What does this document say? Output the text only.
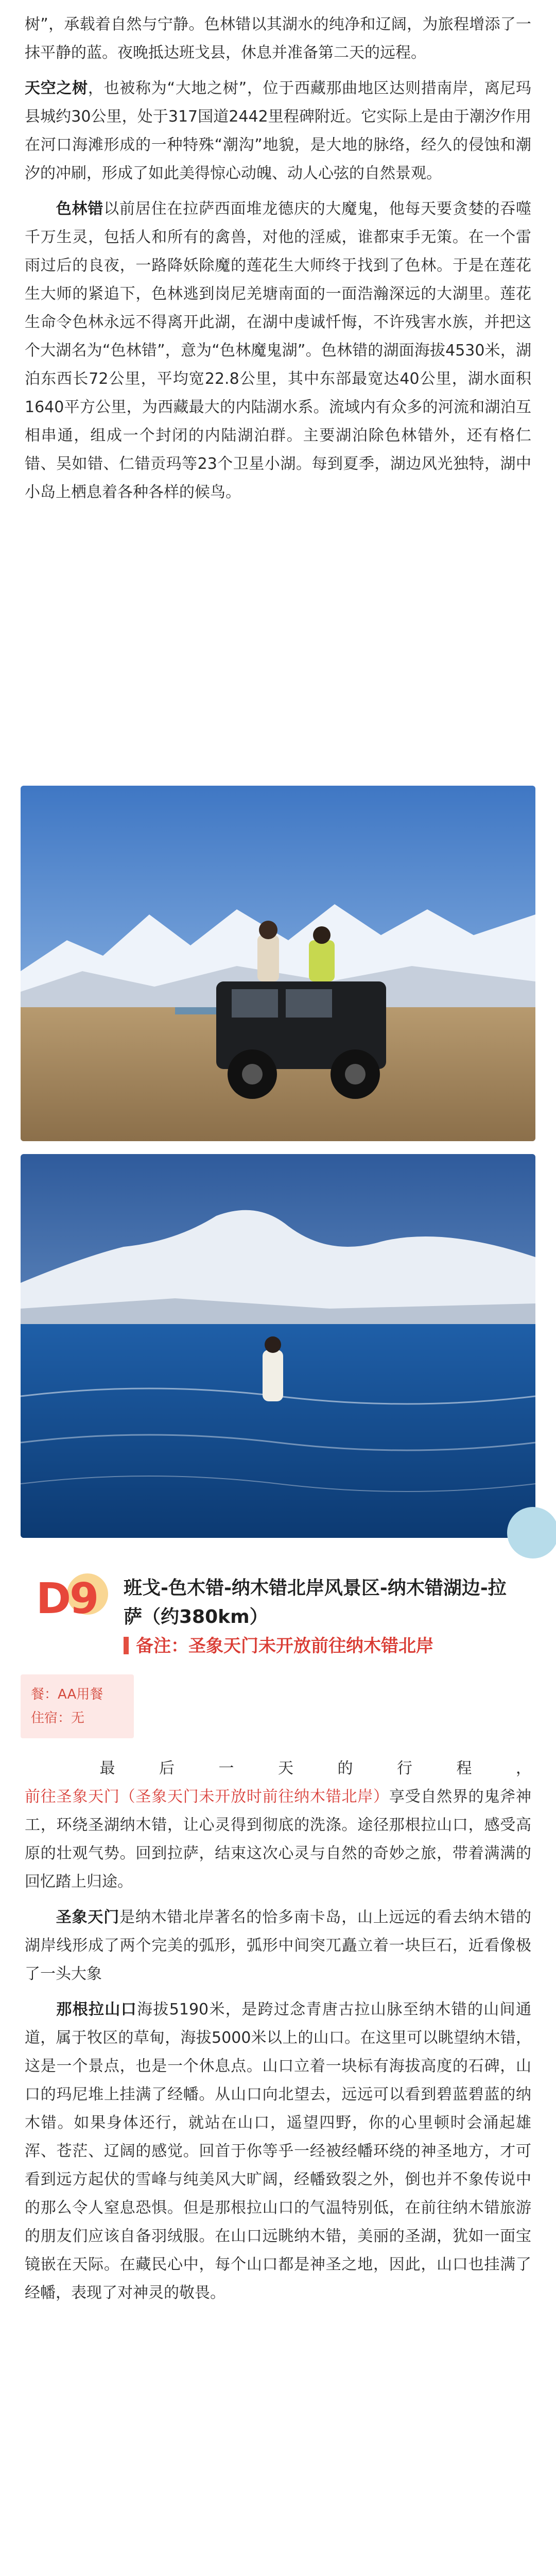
树”，承载着自然与宁静。色林错以其湖水的纯净和辽阔，为旅程增添了一抹平静的蓝。夜晚抵达班戈县，休息并准备第二天的远程。

天空之树，也被称为“大地之树”，位于西藏那曲地区达则措南岸，离尼玛县城约30公里，处于317国道2442里程碑附近。它实际上是由于潮汐作用在河口海滩形成的一种特殊“潮沟”地貌，是大地的脉络，经久的侵蚀和潮汐的冲刷，形成了如此美得惊心动魄、动人心弦的自然景观。

色林错以前居住在拉萨西面堆龙德庆的大魔鬼，他每天要贪婪的吞噬千万生灵，包括人和所有的禽兽，对他的淫威，谁都束手无策。在一个雷雨过后的良夜，一路降妖除魔的莲花生大师终于找到了色林。于是在莲花生大师的紧追下，色林逃到岗尼羌塘南面的一面浩瀚深远的大湖里。莲花生命令色林永远不得离开此湖，在湖中虔诚忏悔，不许残害水族，并把这个大湖名为“色林错”，意为“色林魔鬼湖”。色林错的湖面海拔4530米，湖泊东西长72公里，平均宽22.8公里，其中东部最宽达40公里，湖水面积1640平方公里，为西藏最大的内陆湖水系。流域内有众多的河流和湖泊互相串通，组成一个封闭的内陆湖泊群。主要湖泊除色林错外，还有格仁错、吴如错、仁错贡玛等23个卫星小湖。每到夏季，湖边风光独特，湖中小岛上栖息着各种各样的候鸟。

D9 班戈-色木错-纳木错北岸风景区-纳木错湖边-拉萨（约380km）
备注：圣象天门未开放前往纳木错北岸
餐：AA用餐
住宿：无

最后一天的行程，前往圣象天门（圣象天门未开放时前往纳木错北岸）享受自然界的鬼斧神工，环绕圣湖纳木错，让心灵得到彻底的洗涤。途径那根拉山口，感受高原的壮观气势。回到拉萨，结束这次心灵与自然的奇妙之旅，带着满满的回忆踏上归途。

圣象天门是纳木错北岸著名的恰多南卡岛，山上远远的看去纳木错的湖岸线形成了两个完美的弧形，弧形中间突兀矗立着一块巨石，近看像极了一头大象

那根拉山口海拔5190米，是跨过念青唐古拉山脉至纳木错的山间通道，属于牧区的草甸，海拔5000米以上的山口。在这里可以眺望纳木错，这是一个景点，也是一个休息点。山口立着一块标有海拔高度的石碑，山口的玛尼堆上挂满了经幡。从山口向北望去，远远可以看到碧蓝碧蓝的纳木错。如果身体还行，就站在山口，遥望四野，你的心里顿时会涌起雄浑、苍茫、辽阔的感觉。回首于你等乎一经被经幡环绕的神圣地方，才可看到远方起伏的雪峰与纯美风大旷阔，经幡致裂之外，倒也并不象传说中的那么令人窒息恐惧。但是那根拉山口的气温特别低，在前往纳木错旅游的朋友们应该自备羽绒服。在山口远眺纳木错，美丽的圣湖，犹如一面宝镜嵌在天际。在藏民心中，每个山口都是神圣之地，因此，山口也挂满了经幡，表现了对神灵的敬畏。
